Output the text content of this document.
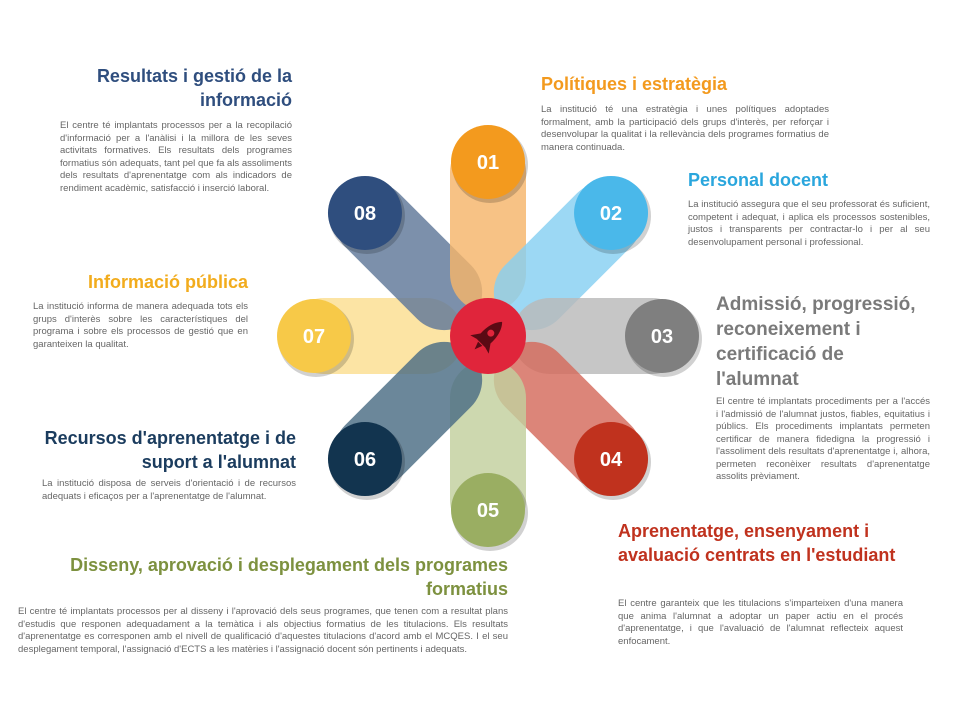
01
02
03
04
05
06
07
08
Polítiques i estratègia

La institució té una estratègia i unes polítiques adoptades formalment, amb la participació dels grups d'interès, per reforçar i desenvolupar la qualitat i la rellevància dels programes formatius de manera continuada.

Personal docent

La institució assegura que el seu professorat és suficient, competent i adequat, i aplica els processos sostenibles, justos i transparents per contractar-lo i per al seu desenvolupament personal i professional.

Admissió, progressió, reconeixement i certificació de l'alumnat

El centre té implantats procediments per a l'accés i l'admissió de l'alumnat justos, fiables, equitatius i públics. Els procediments implantats permeten certificar de manera fidedigna la progressió i l'assoliment dels resultats d'aprenentatge i, alhora, permeten reconèixer resultats d'aprenentatge assolits prèviament.

Aprenentatge, ensenyament i avaluació centrats en l'estudiant

El centre garanteix que les titulacions s'imparteixen d'una manera que anima l'alumnat a adoptar un paper actiu en el procés d'aprenentatge, i que l'avaluació de l'alumnat reflecteix aquest enfocament.

Disseny, aprovació i desplegament dels programes formatius

El centre té implantats processos per al disseny i l'aprovació dels seus programes, que tenen com a resultat plans d'estudis que responen adequadament a la temàtica i als objectius formatius de les titulacions. Els resultats d'aprenentatge es corresponen amb el nivell de qualificació d'aquestes titulacions d'acord amb el MCQES. I el seu desplegament temporal, l'assignació d'ECTS a les matèries i l'assignació docent són pertinents i adequats.

Recursos d'aprenentatge i de suport a l'alumnat

La institució disposa de serveis d'orientació i de recursos adequats i eficaços per a l'aprenentatge de l'alumnat.

Informació pública

La institució informa de manera adequada tots els grups d'interès sobre les característiques del programa i sobre els processos de gestió que en garanteixen la qualitat.

Resultats i gestió de la informació

El centre té implantats processos per a la recopilació d'informació per a l'anàlisi i la millora de les seves activitats formatives. Els resultats dels programes formatius són adequats, tant pel que fa als assoliments dels resultats d'aprenentatge com als indicadors de rendiment acadèmic, satisfacció i inserció laboral.
